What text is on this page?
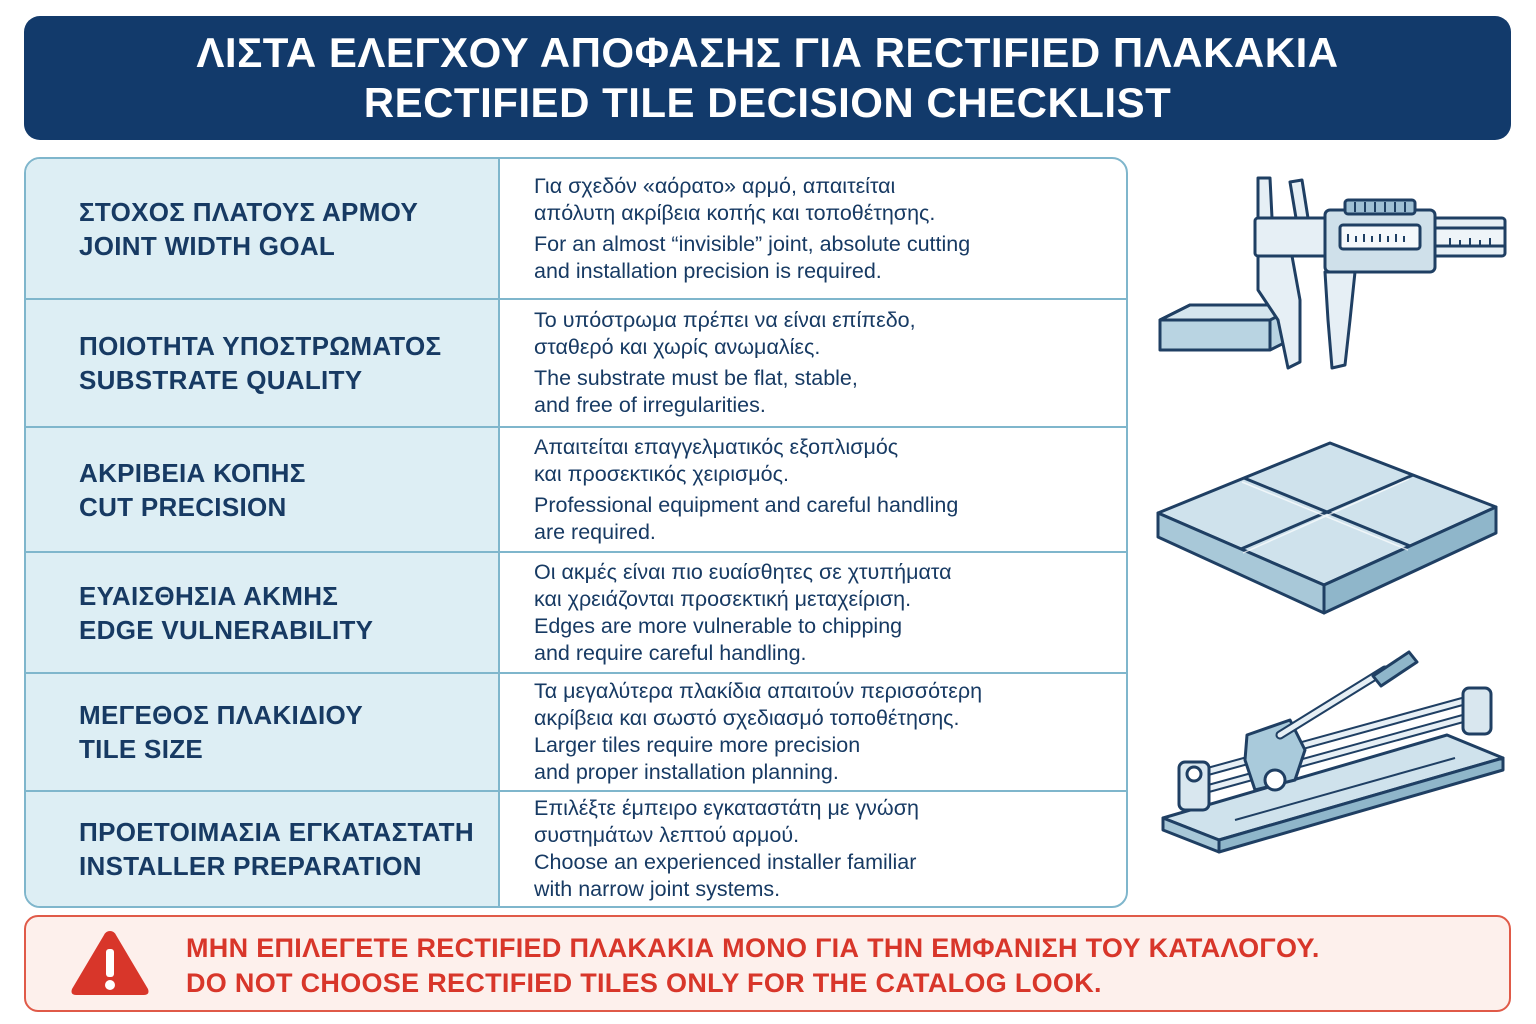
ΛΙΣΤΑ ΕΛΕΓΧΟΥ ΑΠΟΦΑΣΗΣ ΓΙΑ RECTIFIED ΠΛΑΚΑΚΙΑ
RECTIFIED TILE DECISION CHECKLIST
ΣΤΟΧΟΣ ΠΛΑΤΟΥΣ ΑΡΜΟΥ
JOINT WIDTH GOAL
Για σχεδόν «αόρατο» αρμό, απαιτείται
απόλυτη ακρίβεια κοπής και τοποθέτησης.
For an almost “invisible” joint, absolute cutting
and installation precision is required.
ΠΟΙΟΤΗΤΑ ΥΠΟΣΤΡΩΜΑΤΟΣ
SUBSTRATE QUALITY
Το υπόστρωμα πρέπει να είναι επίπεδο,
σταθερό και χωρίς ανωμαλίες.
The substrate must be flat, stable,
and free of irregularities.
ΑΚΡΙΒΕΙΑ ΚΟΠΗΣ
CUT PRECISION
Απαιτείται επαγγελματικός εξοπλισμός
και προσεκτικός χειρισμός.
Professional equipment and careful handling
are required.
ΕΥΑΙΣΘΗΣΙΑ ΑΚΜΗΣ
EDGE VULNERABILITY
Οι ακμές είναι πιο ευαίσθητες σε χτυπήματα
και χρειάζονται προσεκτική μεταχείριση.
Edges are more vulnerable to chipping
and require careful handling.
ΜΕΓΕΘΟΣ ΠΛΑΚΙΔΙΟΥ
TILE SIZE
Τα μεγαλύτερα πλακίδια απαιτούν περισσότερη
ακρίβεια και σωστό σχεδιασμό τοποθέτησης.
Larger tiles require more precision
and proper installation planning.
ΠΡΟΕΤΟΙΜΑΣΙΑ ΕΓΚΑΤΑΣΤΑΤΗ
INSTALLER PREPARATION
Επιλέξτε έμπειρο εγκαταστάτη με γνώση
συστημάτων λεπτού αρμού.
Choose an experienced installer familiar
with narrow joint systems.
ΜΗΝ ΕΠΙΛΕΓΕΤΕ RECTIFIED ΠΛΑΚΑΚΙΑ ΜΟΝΟ ΓΙΑ ΤΗΝ ΕΜΦΑΝΙΣΗ ΤΟΥ ΚΑΤΑΛΟΓΟΥ.
DO NOT CHOOSE RECTIFIED TILES ONLY FOR THE CATALOG LOOK.
